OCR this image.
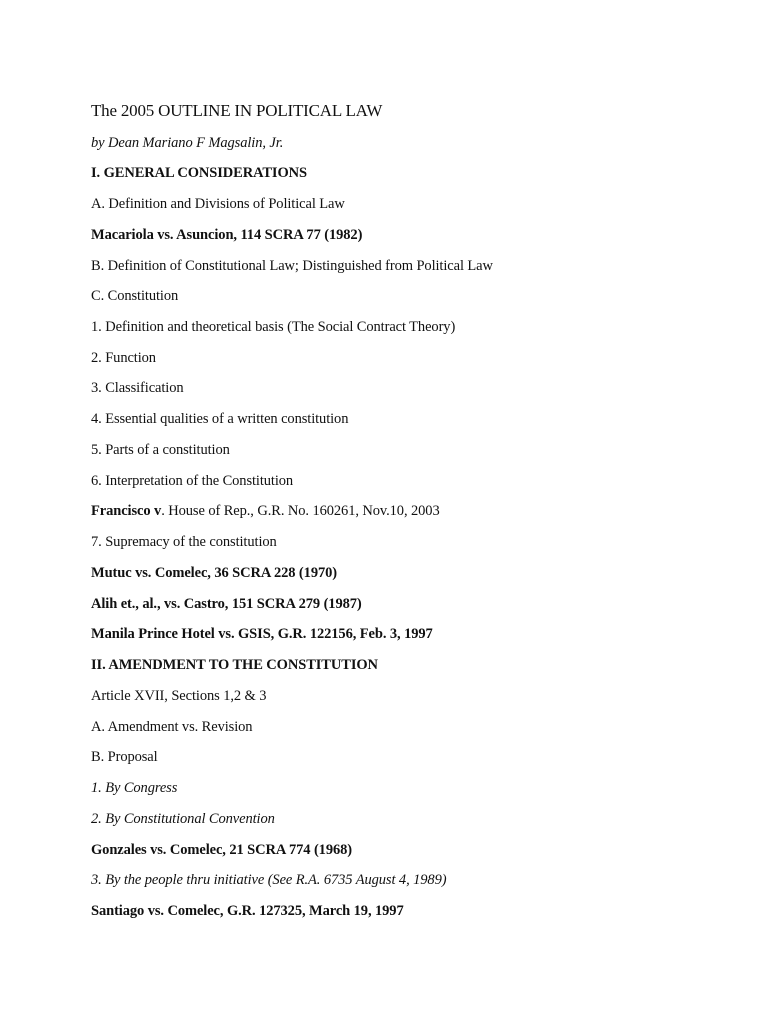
The 2005 OUTLINE IN POLITICAL LAW
by Dean Mariano F Magsalin, Jr.
I. GENERAL CONSIDERATIONS
A. Definition and Divisions of Political Law
Macariola vs. Asuncion, 114 SCRA 77 (1982)
B. Definition of Constitutional Law; Distinguished from Political Law
C. Constitution
1. Definition and theoretical basis (The Social Contract Theory)
2. Function
3. Classification
4. Essential qualities of a written constitution
5. Parts of a constitution
6. Interpretation of the Constitution
Francisco v. House of Rep., G.R. No. 160261, Nov.10, 2003
7. Supremacy of the constitution
Mutuc vs. Comelec, 36 SCRA 228 (1970)
Alih et., al., vs. Castro, 151 SCRA 279 (1987)
Manila Prince Hotel vs. GSIS, G.R. 122156, Feb. 3, 1997
II. AMENDMENT TO THE CONSTITUTION
Article XVII, Sections 1,2 & 3
A. Amendment vs. Revision
B. Proposal
1. By Congress
2. By Constitutional Convention
Gonzales vs. Comelec, 21 SCRA 774 (1968)
3. By the people thru initiative (See R.A. 6735 August 4, 1989)
Santiago vs. Comelec, G.R. 127325, March 19, 1997
